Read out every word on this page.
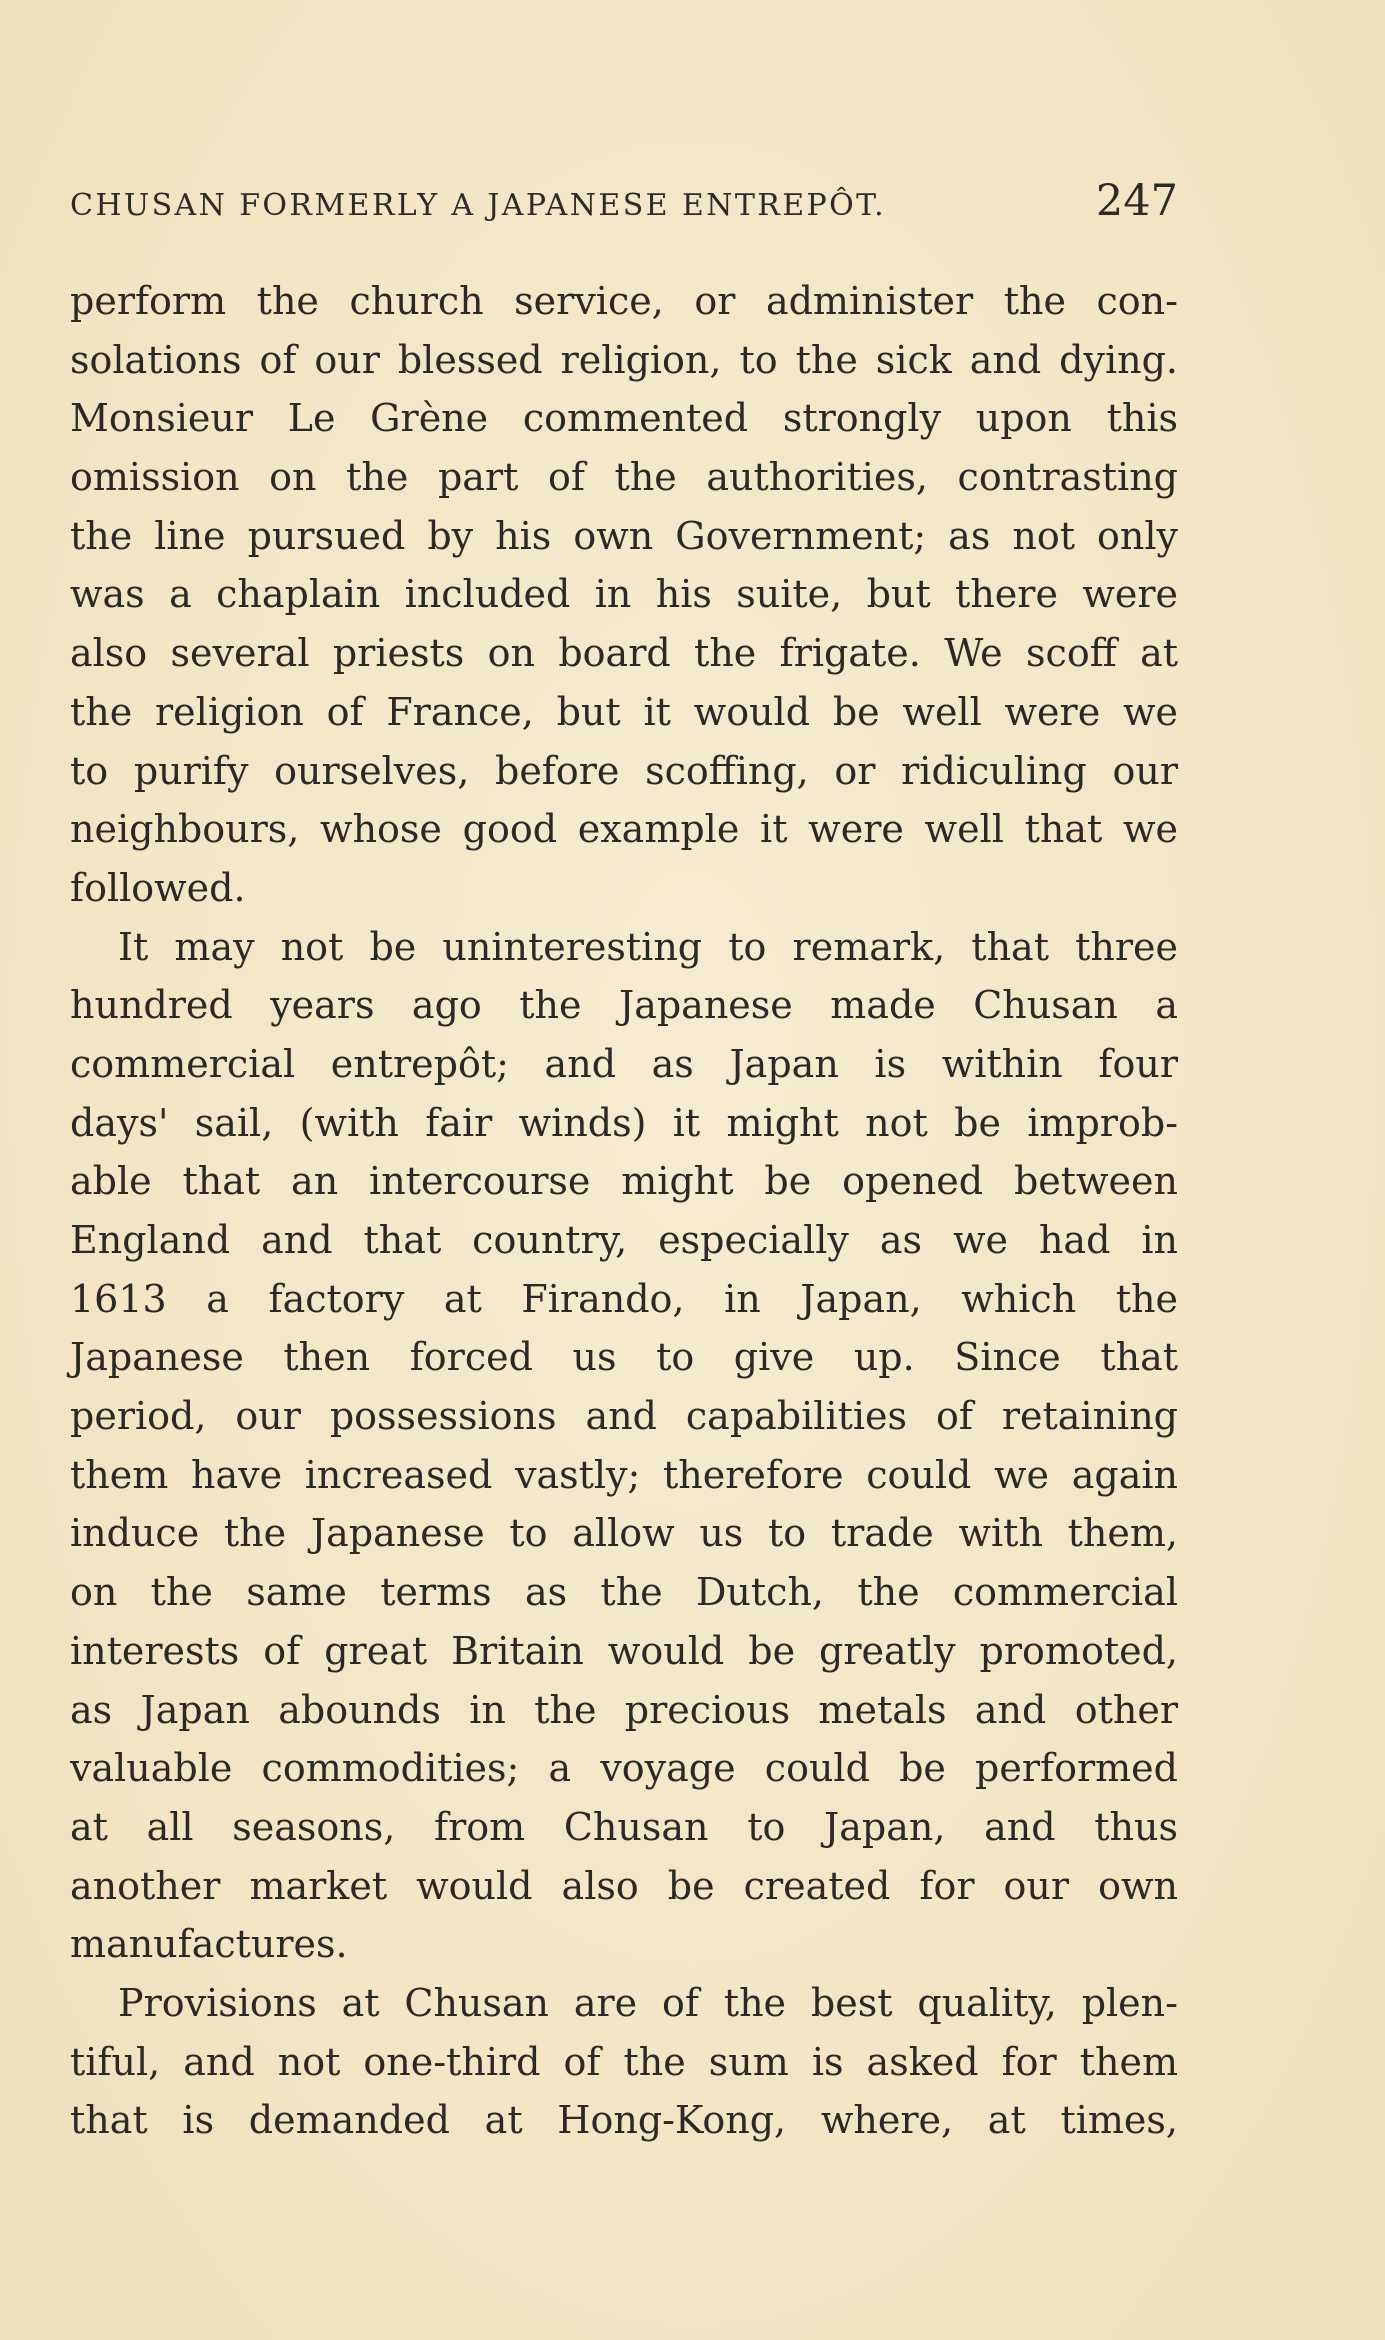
CHUSAN FORMERLY A JAPANESE ENTREPÔT.	247
perform the church service, or administer the con-
solations of our blessed religion, to the sick and dying.
Monsieur Le Grène commented strongly upon this
omission on the part of the authorities, contrasting
the line pursued by his own Government; as not only
was a chaplain included in his suite, but there were
also several priests on board the frigate. We scoff at
the religion of France, but it would be well were we
to purify ourselves, before scoffing, or ridiculing our
neighbours, whose good example it were well that we
followed.
It may not be uninteresting to remark, that three
hundred years ago the Japanese made Chusan a
commercial entrepôt; and as Japan is within four
days' sail, (with fair winds) it might not be improb-
able that an intercourse might be opened between
England and that country, especially as we had in
1613 a factory at Firando, in Japan, which the
Japanese then forced us to give up. Since that
period, our possessions and capabilities of retaining
them have increased vastly; therefore could we again
induce the Japanese to allow us to trade with them,
on the same terms as the Dutch, the commercial
interests of great Britain would be greatly promoted,
as Japan abounds in the precious metals and other
valuable commodities; a voyage could be performed
at all seasons, from Chusan to Japan, and thus
another market would also be created for our own
manufactures.
Provisions at Chusan are of the best quality, plen-
tiful, and not one-third of the sum is asked for them
that is demanded at Hong-Kong, where, at times,
